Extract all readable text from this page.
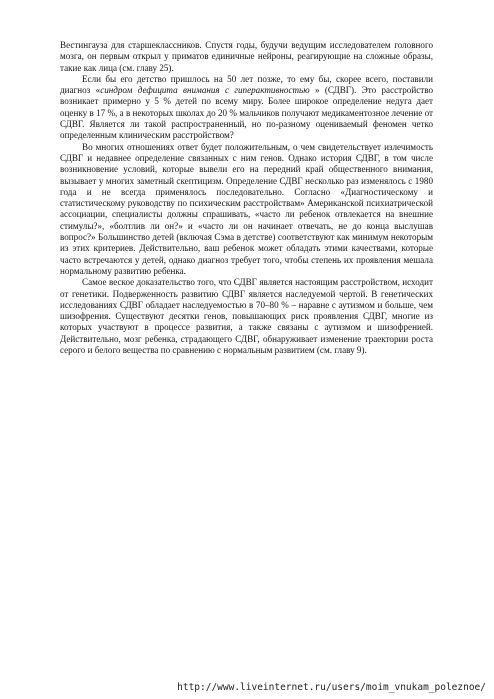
Вестингауза для старшеклассников. Спустя годы, будучи ведущим исследователем головного мозга, он первым открыл у приматов единичные нейроны, реагирующие на сложные образы, такие как лица (см. главу 25).

Если бы его детство пришлось на 50 лет позже, то ему бы, скорее всего, поставили диагноз «синдром дефицита внимания с гиперактивностью » (СДВГ). Это расстройство возникает примерно у 5 % детей по всему миру. Более широкое определение недуга дает оценку в 17 %, а в некоторых школах до 20 % мальчиков получают медикаментозное лечение от СДВГ. Является ли такой распространенный, но по-разному оцениваемый феномен четко определенным клиническим расстройством?

Во многих отношениях ответ будет положительным, о чем свидетельствует излечимость СДВГ и недавнее определение связанных с ним генов. Однако история СДВГ, в том числе возникновение условий, которые вывели его на передний край общественного внимания, вызывает у многих заметный скептицизм. Определение СДВГ несколько раз изменялось с 1980 года и не всегда применялось последовательно. Согласно «Диагностическому и статистическому руководству по психическим расстройствам» Американской психиатрической ассоциации, специалисты должны спрашивать, «часто ли ребенок отвлекается на внешние стимулы?», «болтлив ли он?» и «часто ли он начинает отвечать, не до конца выслушав вопрос?» Большинство детей (включая Сэма в детстве) соответствуют как минимум некоторым из этих критериев. Действительно, ваш ребенок может обладать этими качествами, которые часто встречаются у детей, однако диагноз требует того, чтобы степень их проявления мешала нормальному развитию ребенка.

Самое веское доказательство того, что СДВГ является настоящим расстройством, исходит от генетики. Подверженность развитию СДВГ является наследуемой чертой. В генетических исследованиях СДВГ обладает наследуемостью в 70–80 % – наравне с аутизмом и больше, чем шизофрения. Существуют десятки генов, повышающих риск проявления СДВГ, многие из которых участвуют в процессе развития, а также связаны с аутизмом и шизофренией. Действительно, мозг ребенка, страдающего СДВГ, обнаруживает изменение траектории роста серого и белого вещества по сравнению с нормальным развитием (см. главу 9).

http://www.liveinternet.ru/users/moim_vnukam_poleznoe/
